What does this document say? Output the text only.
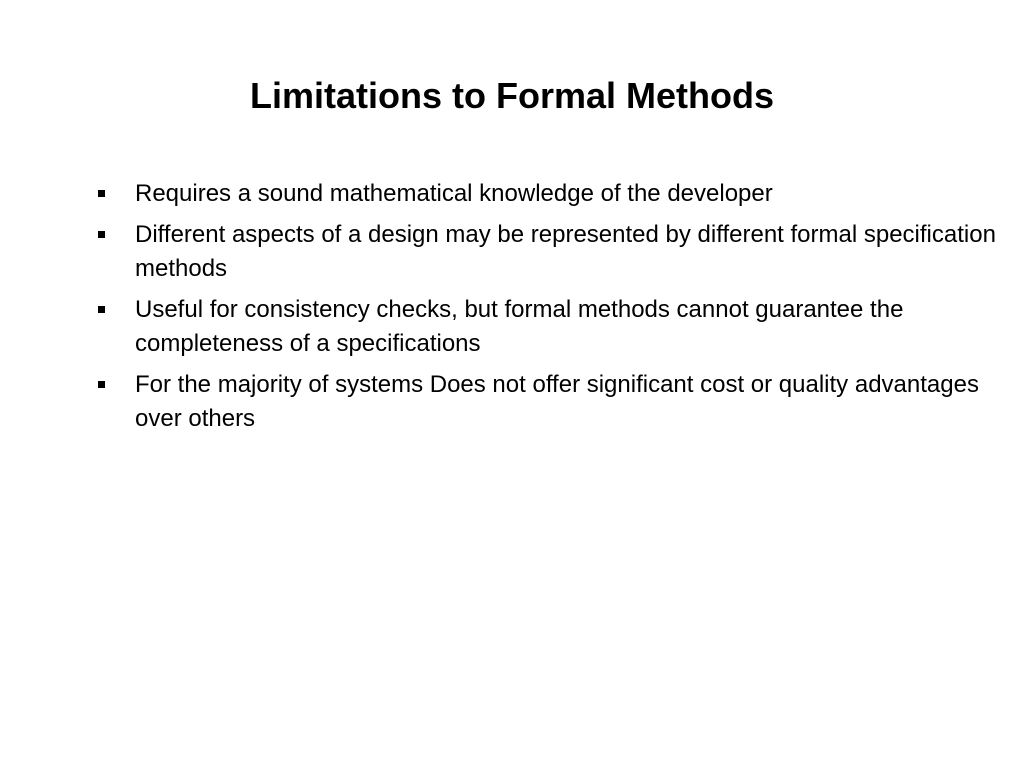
Limitations to Formal Methods
Requires a sound mathematical knowledge of the developer
Different aspects of a design may be represented by different formal specification methods
Useful for consistency checks, but formal methods cannot guarantee the completeness of a specifications
For the majority of systems Does not offer significant cost or quality advantages over others
